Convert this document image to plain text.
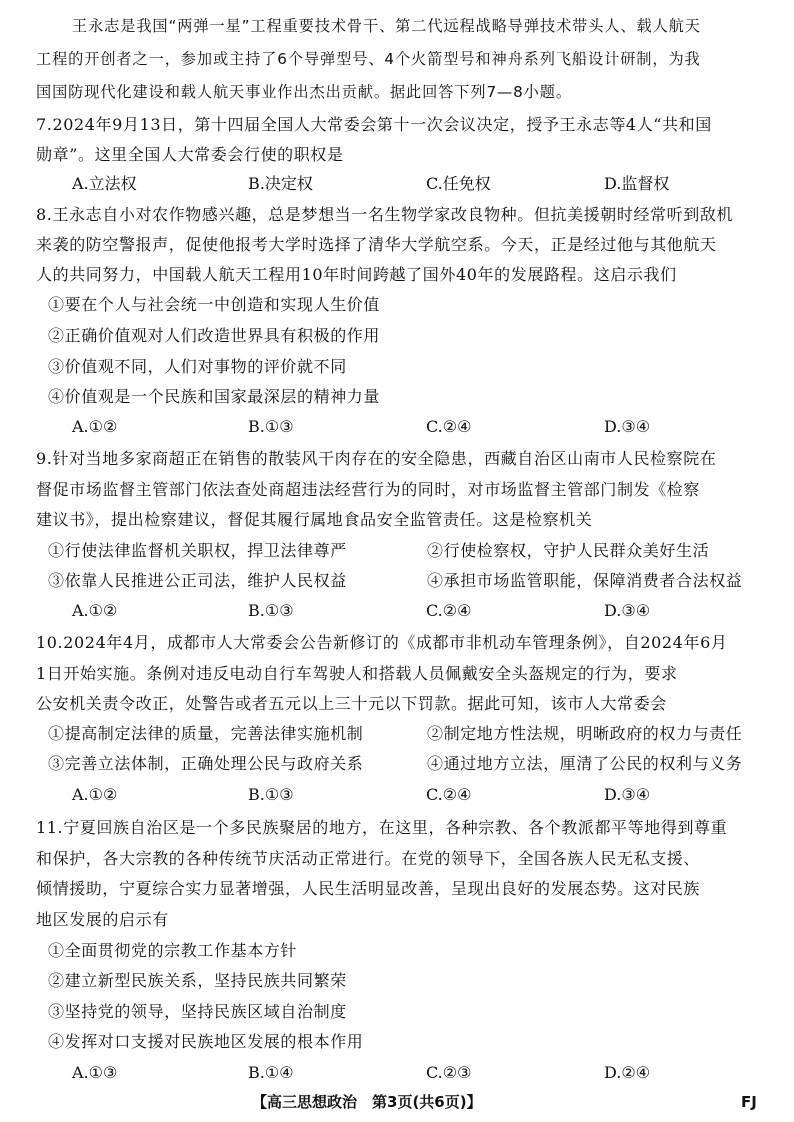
王永志是我国“两弹一星”工程重要技术骨干、第二代远程战略导弹技术带头人、载人航天
工程的开创者之一，参加或主持了6个导弹型号、4个火箭型号和神舟系列飞船设计研制，为我
国国防现代化建设和载人航天事业作出杰出贡献。据此回答下列7—8小题。
7.2024年9月13日，第十四届全国人大常委会第十一次会议决定，授予王永志等4人“共和国
勋章”。这里全国人大常委会行使的职权是
A.立法权	B.决定权	C.任免权	D.监督权
8.王永志自小对农作物感兴趣，总是梦想当一名生物学家改良物种。但抗美援朝时经常听到敌机
来袭的防空警报声，促使他报考大学时选择了清华大学航空系。今天，正是经过他与其他航天
人的共同努力，中国载人航天工程用10年时间跨越了国外40年的发展路程。这启示我们
①要在个人与社会统一中创造和实现人生价值
②正确价值观对人们改造世界具有积极的作用
③价值观不同，人们对事物的评价就不同
④价值观是一个民族和国家最深层的精神力量
A.①②	B.①③	C.②④	D.③④
9.针对当地多家商超正在销售的散装风干肉存在的安全隐患，西藏自治区山南市人民检察院在
督促市场监督主管部门依法查处商超违法经营行为的同时，对市场监督主管部门制发《检察
建议书》，提出检察建议，督促其履行属地食品安全监管责任。这是检察机关
①行使法律监督机关职权，捍卫法律尊严	②行使检察权，守护人民群众美好生活
③依靠人民推进公正司法，维护人民权益	④承担市场监管职能，保障消费者合法权益
A.①②	B.①③	C.②④	D.③④
10.2024年4月，成都市人大常委会公告新修订的《成都市非机动车管理条例》，自2024年6月
1日开始实施。条例对违反电动自行车驾驶人和搭载人员佩戴安全头盔规定的行为，要求
公安机关责令改正，处警告或者五元以上三十元以下罚款。据此可知，该市人大常委会
①提高制定法律的质量，完善法律实施机制	②制定地方性法规，明晰政府的权力与责任
③完善立法体制，正确处理公民与政府关系	④通过地方立法，厘清了公民的权利与义务
A.①②	B.①③	C.②④	D.③④
11.宁夏回族自治区是一个多民族聚居的地方，在这里，各种宗教、各个教派都平等地得到尊重
和保护，各大宗教的各种传统节庆活动正常进行。在党的领导下，全国各族人民无私支援、
倾情援助，宁夏综合实力显著增强，人民生活明显改善，呈现出良好的发展态势。这对民族
地区发展的启示有
①全面贯彻党的宗教工作基本方针
②建立新型民族关系，坚持民族共同繁荣
③坚持党的领导，坚持民族区域自治制度
④发挥对口支援对民族地区发展的根本作用
A.①③	B.①④	C.②③	D.②④
【高三思想政治　第3页(共6页)】	FJ
